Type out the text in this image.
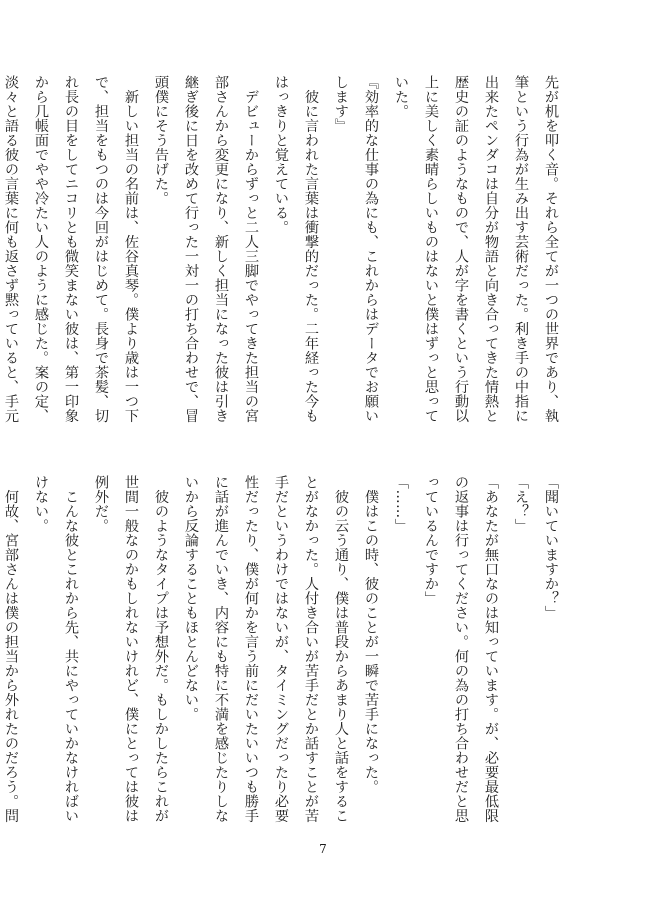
先が机を叩く音。それら全てが一つの世界であり、執筆という行為が生み出す芸術だった。利き手の中指に出来たペンダコは自分が物語と向き合ってきた情熱と歴史の証のようなもので、人が字を書くという行動以上に美しく素晴らしいものはないと僕はずっと思っていた。

『効率的な仕事の為にも、これからはデータでお願いします』

　彼に言われた言葉は衝撃的だった。二年経った今もはっきりと覚えている。

　デビューからずっと二人三脚でやってきた担当の宮部さんから変更になり、新しく担当になった彼は引き継ぎ後に日を改めて行った一対一の打ち合わせで、冒頭僕にそう告げた。

　新しい担当の名前は、佐谷真琴。僕より歳は一つ下で、担当をもつのは今回がはじめて。長身で茶髪、切れ長の目をしてニコリとも微笑まない彼は、第一印象から几帳面でやや冷たい人のように感じた。案の定、淡々と語る彼の言葉に何も返さず黙っていると、手元

「聞いていますか？」

「え？」

「あなたが無口なのは知っています。が、必要最低限の返事は行ってください。何の為の打ち合わせだと思っているんですか」

「……」

　僕はこの時、彼のことが一瞬で苦手になった。

　彼の云う通り、僕は普段からあまり人と話をすることがなかった。人付き合いが苦手だとか話すことが苦手だというわけではないが、タイミングだったり必要性だったり、僕が何かを言う前にだいたいいつも勝手に話が進んでいき、内容にも特に不満を感じたりしないから反論することもほとんどない。

　彼のようなタイプは予想外だ。もしかしたらこれが世間一般なのかもしれないけれど、僕にとっては彼は例外だ。

　こんな彼とこれから先、共にやっていかなければいけない。

　何故、宮部さんは僕の担当から外れたのだろう。問

7
